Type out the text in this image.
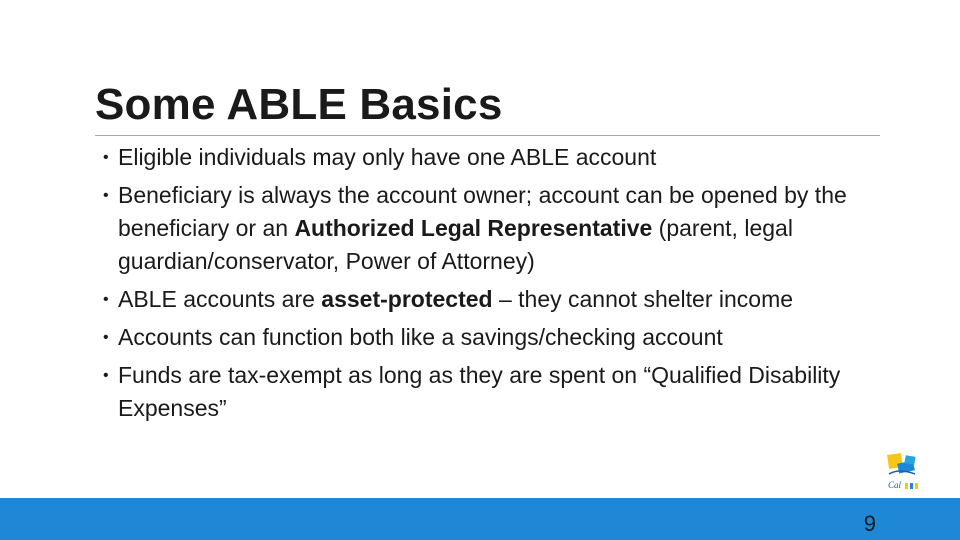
Some ABLE Basics
• Eligible individuals may only have one ABLE account
• Beneficiary is always the account owner; account can be opened by the beneficiary or an Authorized Legal Representative (parent, legal guardian/conservator, Power of Attorney)
• ABLE accounts are asset-protected – they cannot shelter income
• Accounts can function both like a savings/checking account
• Funds are tax-exempt as long as they are spent on “Qualified Disability Expenses”
Cal
9
